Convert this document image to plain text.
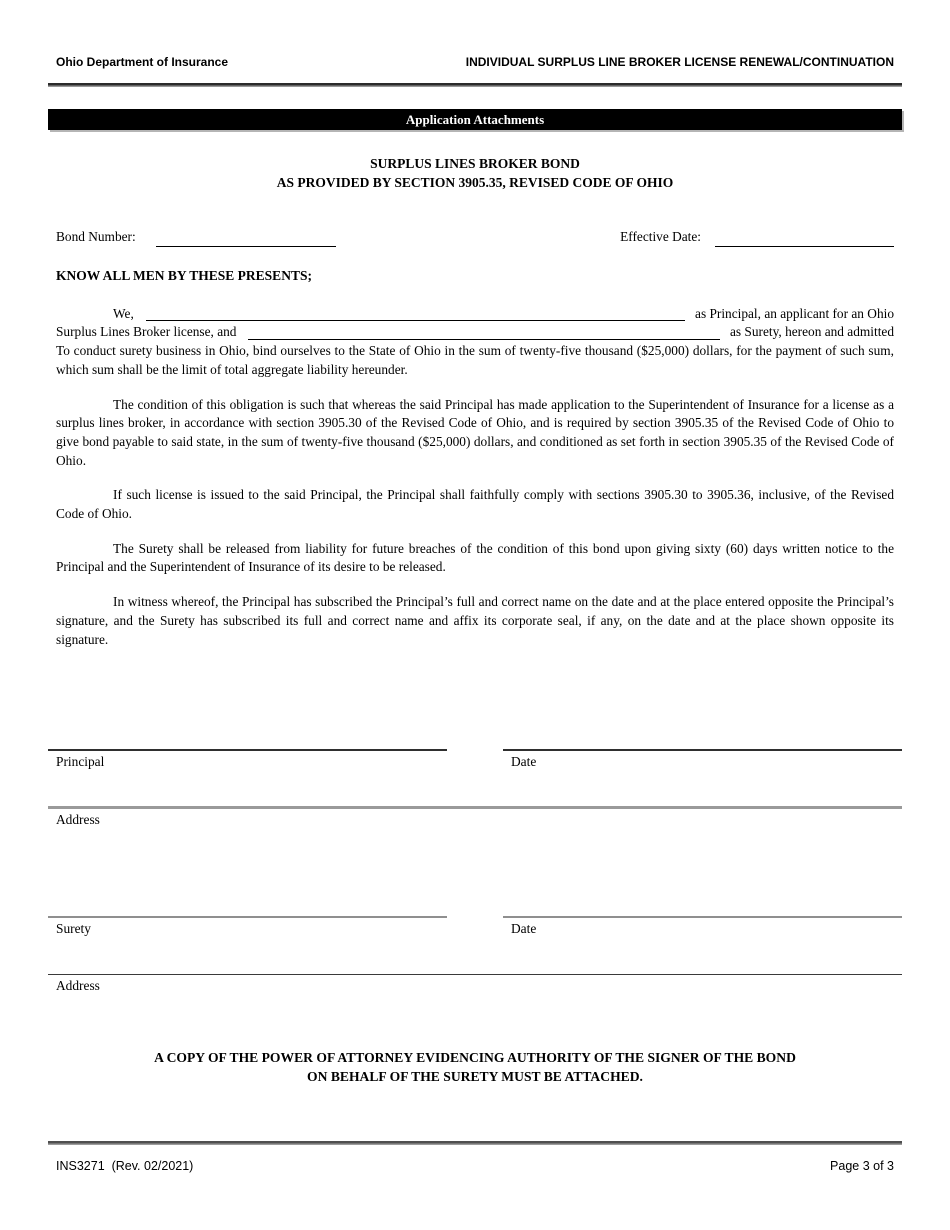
Ohio Department of Insurance	INDIVIDUAL SURPLUS LINE BROKER LICENSE RENEWAL/CONTINUATION
Application Attachments
SURPLUS LINES BROKER BOND
AS PROVIDED BY SECTION 3905.35, REVISED CODE OF OHIO
Bond Number:	Effective Date:
KNOW ALL MEN BY THESE PRESENTS;
We,	as Principal, an applicant for an Ohio
Surplus Lines Broker license, and	as Surety, hereon and admitted

To conduct surety business in Ohio, bind ourselves to the State of Ohio in the sum of twenty-five thousand ($25,000) dollars, for the payment of such sum, which sum shall be the limit of total aggregate liability hereunder.

The condition of this obligation is such that whereas the said Principal has made application to the Superintendent of Insurance for a license as a surplus lines broker, in accordance with section 3905.30 of the Revised Code of Ohio, and is required by section 3905.35 of the Revised Code of Ohio to give bond payable to said state, in the sum of twenty-five thousand ($25,000) dollars, and conditioned as set forth in section 3905.35 of the Revised Code of Ohio.

If such license is issued to the said Principal, the Principal shall faithfully comply with sections 3905.30 to 3905.36, inclusive, of the Revised Code of Ohio.

The Surety shall be released from liability for future breaches of the condition of this bond upon giving sixty (60) days written notice to the Principal and the Superintendent of Insurance of its desire to be released.

In witness whereof, the Principal has subscribed the Principal’s full and correct name on the date and at the place entered opposite the Principal’s signature, and the Surety has subscribed its full and correct name and affix its corporate seal, if any, on the date and at the place shown opposite its signature.

Principal	Date
Address
Surety	Date
Address
A COPY OF THE POWER OF ATTORNEY EVIDENCING AUTHORITY OF THE SIGNER OF THE BOND
ON BEHALF OF THE SURETY MUST BE ATTACHED.
INS3271  (Rev. 02/2021)	Page 3 of 3
